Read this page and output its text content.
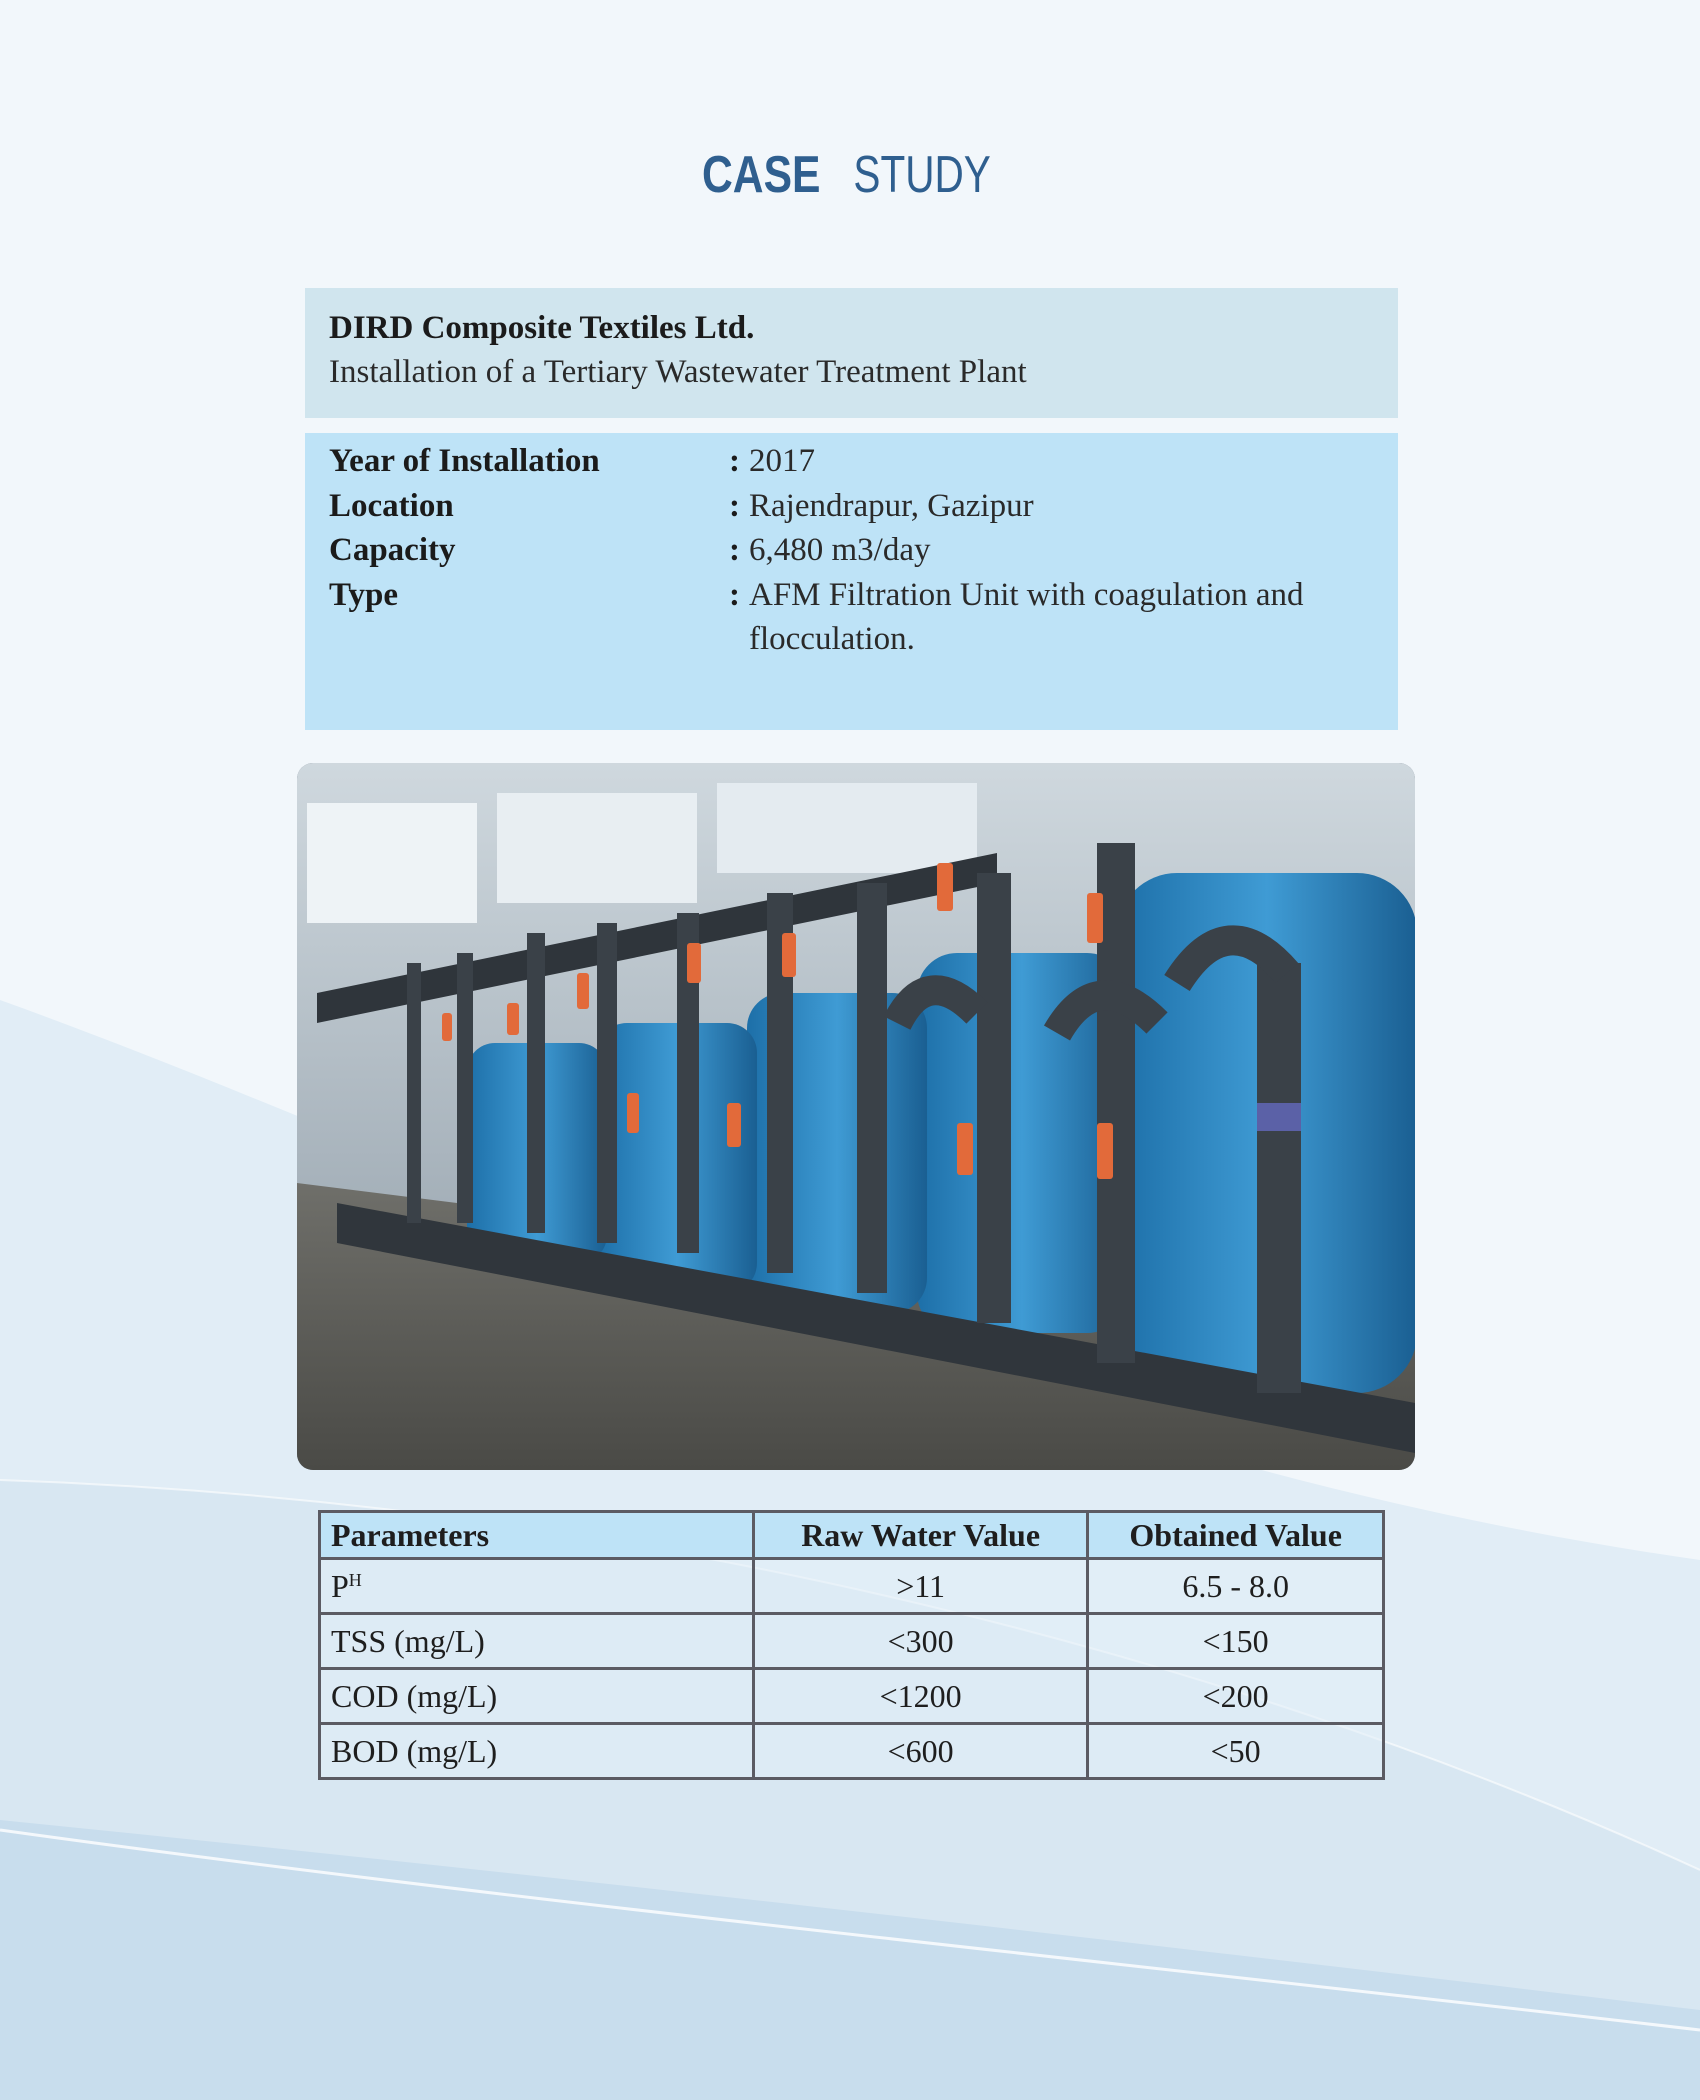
CASE STUDY
DIRD Composite Textiles Ltd.
Installation of a Tertiary Wastewater Treatment Plant
Year of Installation	: 2017
Location	: Rajendrapur, Gazipur
Capacity	: 6,480 m3/day
Type	: AFM Filtration Unit with coagulation and flocculation.
Parameters	Raw Water Value	Obtained Value
$P^H$	>11	6.5 - 8.0
TSS (mg/L)	<300	<150
COD (mg/L)	<1200	<200
BOD (mg/L)	<600	<50
